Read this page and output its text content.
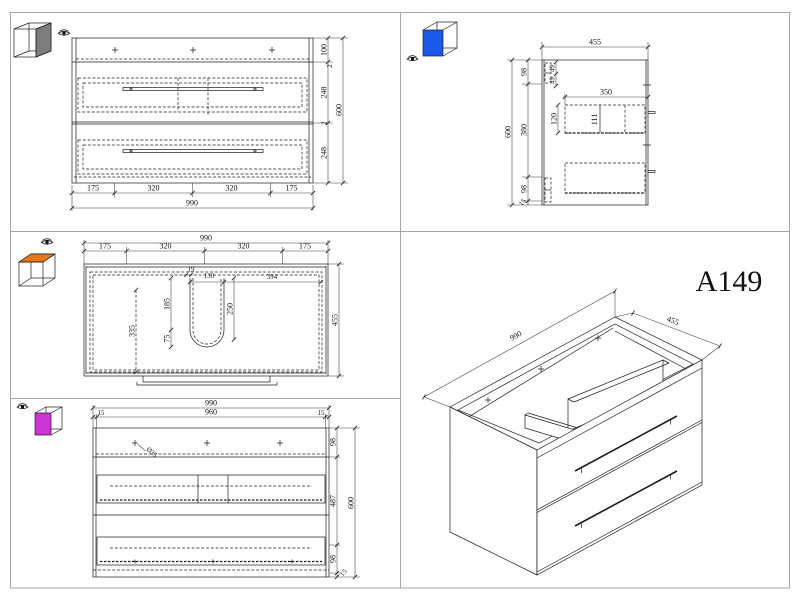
175	320	320	175
990
100
2
248
2
248
600
455
350
120	111
49
49
98
380
98
15
600
990
175	320	320	175
19
130	394
185
75
250
335
455
990
15	960	15
Ø35
98
487
98
15
600
A149
990
455
